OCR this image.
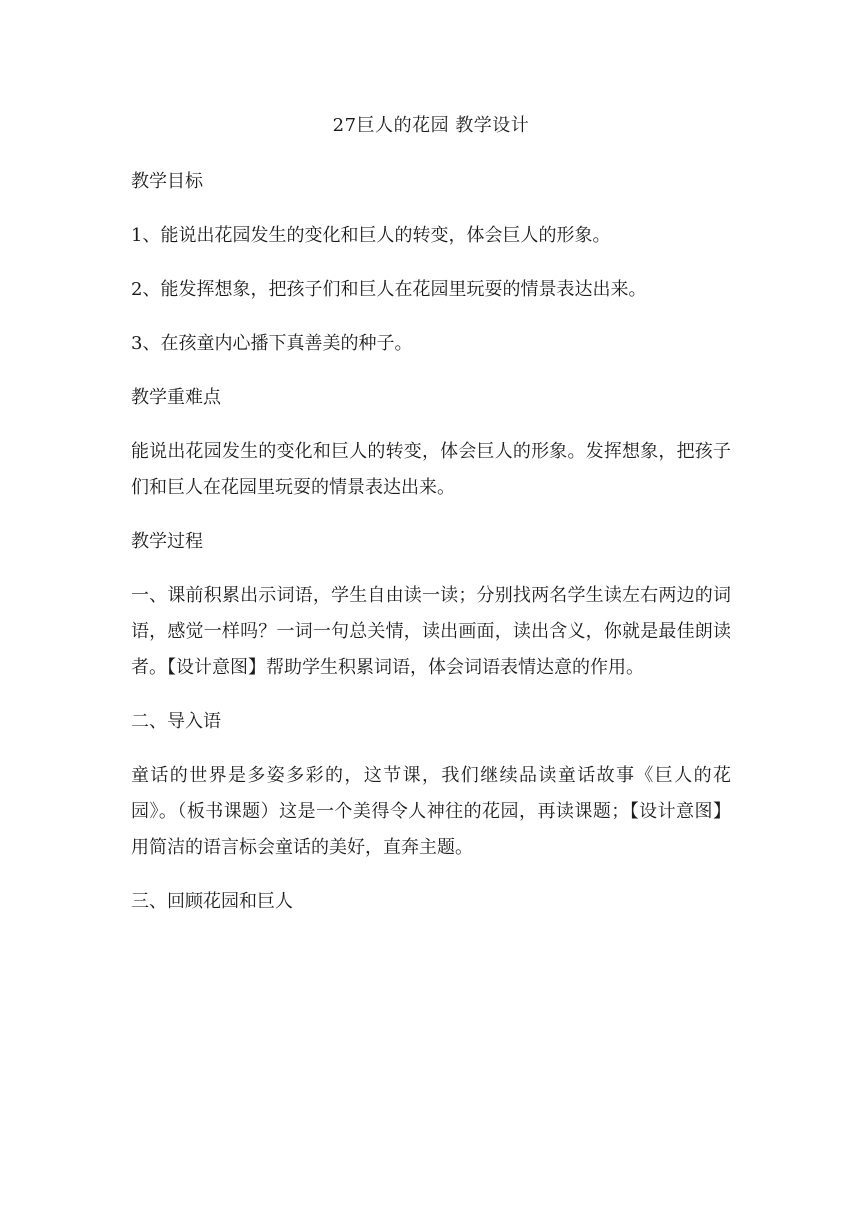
27巨人的花园 教学设计

教学目标

1、能说出花园发生的变化和巨人的转变，体会巨人的形象。

2、能发挥想象，把孩子们和巨人在花园里玩耍的情景表达出来。

3、在孩童内心播下真善美的种子。

教学重难点

能说出花园发生的变化和巨人的转变，体会巨人的形象。发挥想象，把孩子们和巨人在花园里玩耍的情景表达出来。

教学过程

一、课前积累出示词语，学生自由读一读；分别找两名学生读左右两边的词语，感觉一样吗？一词一句总关情，读出画面，读出含义，你就是最佳朗读者。【设计意图】帮助学生积累词语，体会词语表情达意的作用。

二、导入语

童话的世界是多姿多彩的，这节课，我们继续品读童话故事《巨人的花园》。（板书课题）这是一个美得令人神往的花园，再读课题；【设计意图】用简洁的语言标会童话的美好，直奔主题。

三、回顾花园和巨人
